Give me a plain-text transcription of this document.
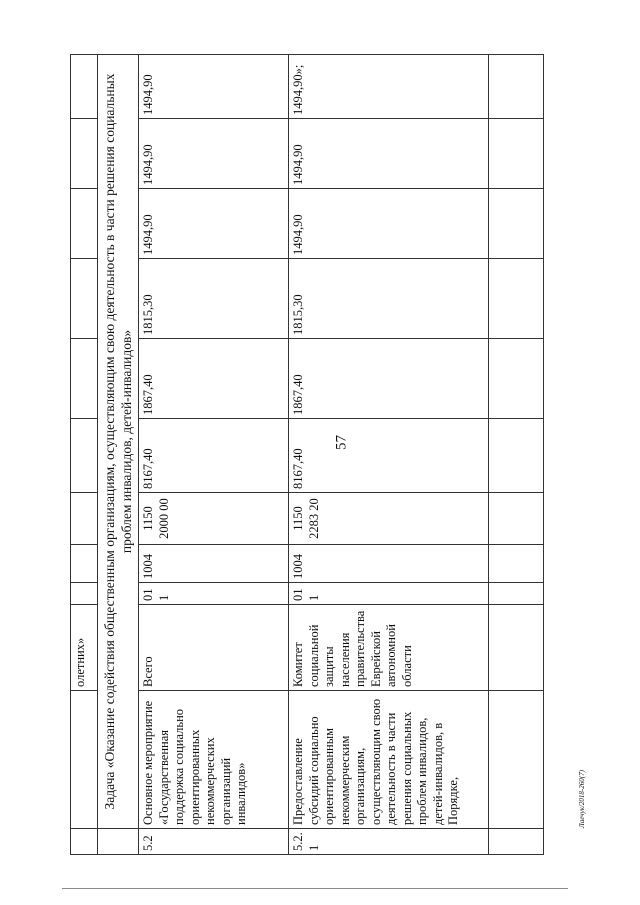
57
		олетних»									
	Задача «Оказание содействия общественным организациям, осуществляющим свою деятельность в части решения социальных проблем инвалидов, детей-инвалидов»										
5.2	Основное мероприятие «Государственная поддержка социально ориентированных некоммерческих организаций инвалидов»	Всего	01 1	1004	1150 2000 00	8167,40	1867,40	1815,30	1494,90	1494,90	1494,90
5.2. 1	Предоставление субсидий социально ориентированным некоммерческим организациям, осуществляющим свою деятельность в части решения социальных проблем инвалидов, детей-инвалидов, в Порядке,	Комитет социальной защиты населения правительства Еврейской автономной области	01 1	1004	1150 2283 20	8167,40	1867,40	1815,30	1494,90	1494,90	1494,90»;

Лаечук/2018-260(7)
